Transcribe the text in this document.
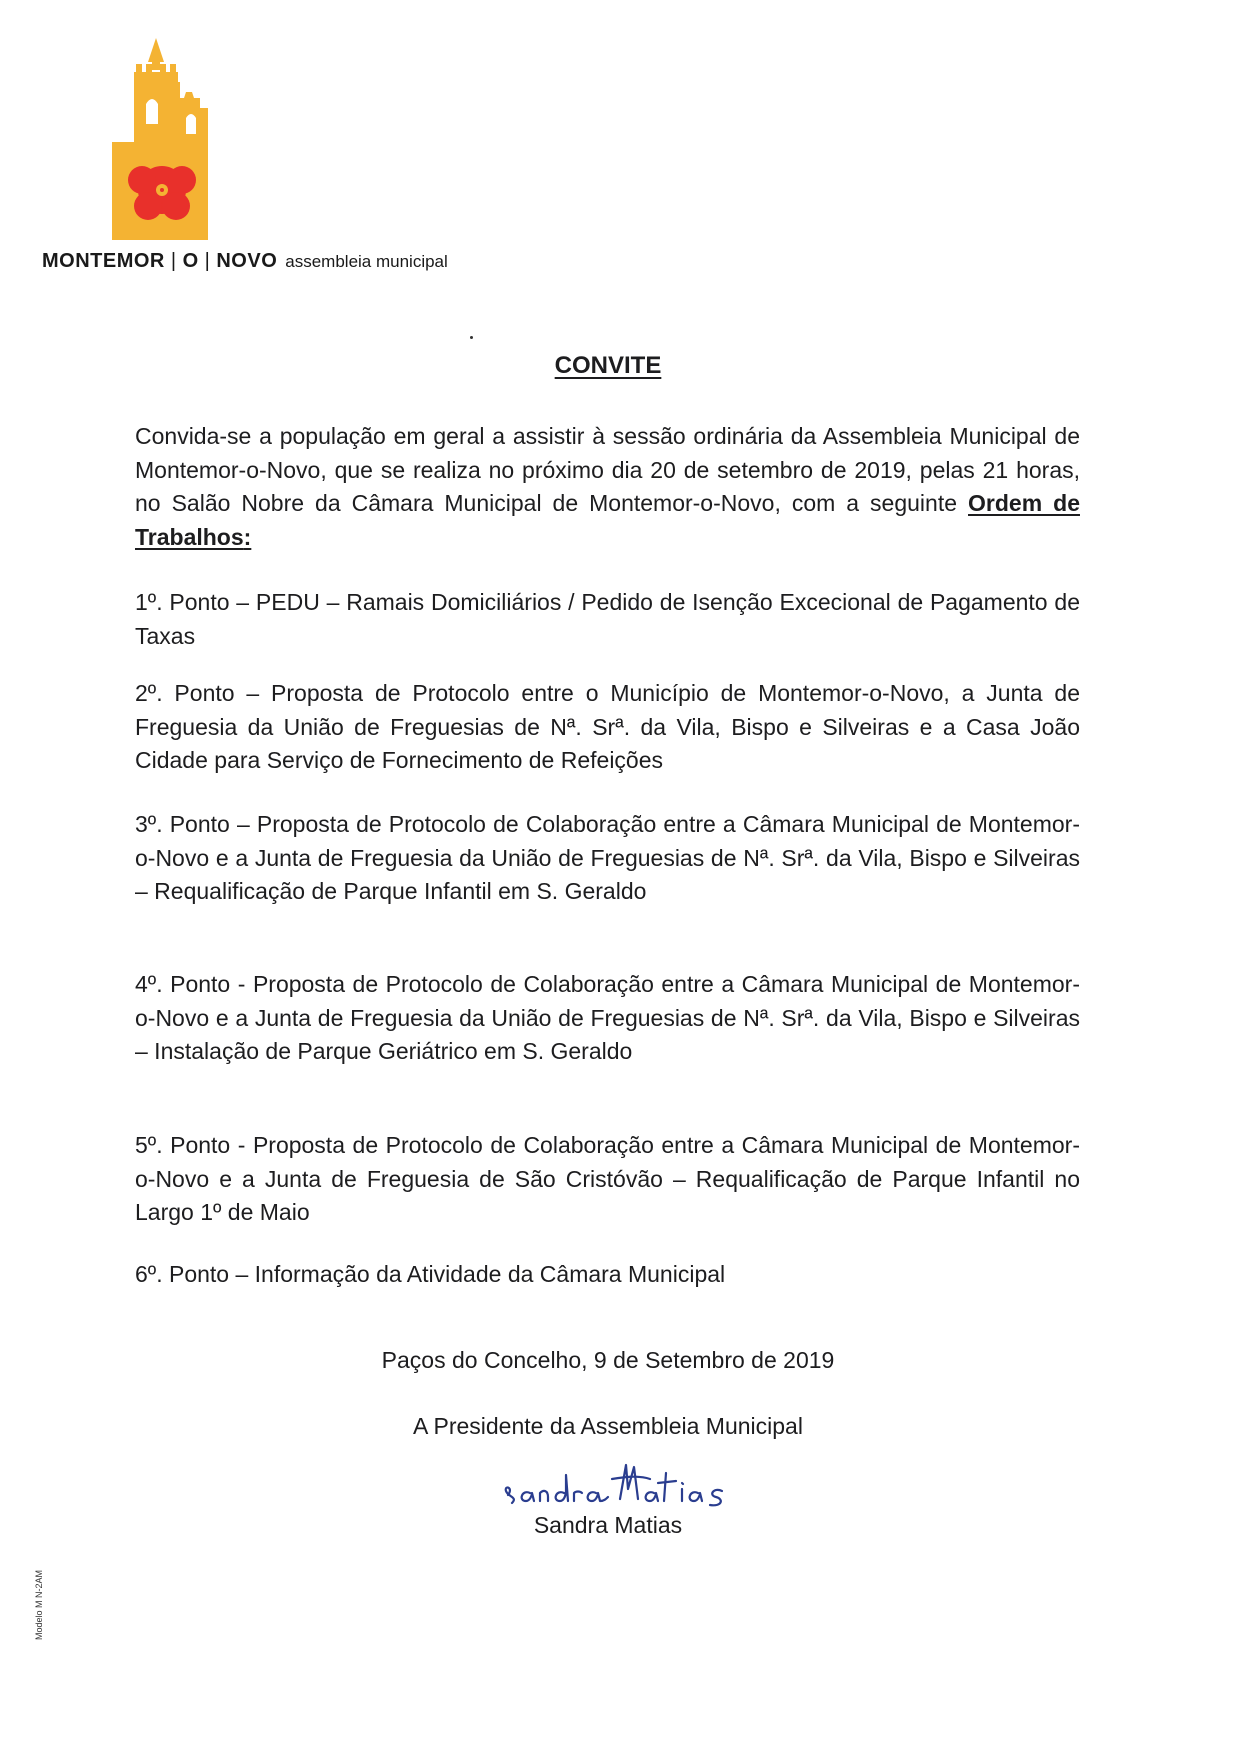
MONTEMOR | O | NOVO assembleia municipal
CONVITE

Convida-se a população em geral a assistir à sessão ordinária da Assembleia Municipal de Montemor-o-Novo, que se realiza no próximo dia 20 de setembro de 2019, pelas 21 horas, no Salão Nobre da Câmara Municipal de Montemor-o-Novo, com a seguinte Ordem de Trabalhos:

1º. Ponto – PEDU – Ramais Domiciliários / Pedido de Isenção Excecional de Pagamento de Taxas

2º. Ponto – Proposta de Protocolo entre o Município de Montemor-o-Novo, a Junta de Freguesia da União de Freguesias de Nª. Srª. da Vila, Bispo e Silveiras e a Casa João Cidade para Serviço de Fornecimento de Refeições

3º. Ponto – Proposta de Protocolo de Colaboração entre a Câmara Municipal de Montemor-o-Novo e a Junta de Freguesia da União de Freguesias de Nª. Srª. da Vila, Bispo e Silveiras – Requalificação de Parque Infantil em S. Geraldo

4º. Ponto - Proposta de Protocolo de Colaboração entre a Câmara Municipal de Montemor-o-Novo e a Junta de Freguesia da União de Freguesias de Nª. Srª. da Vila, Bispo e Silveiras – Instalação de Parque Geriátrico em S. Geraldo

5º. Ponto - Proposta de Protocolo de Colaboração entre a Câmara Municipal de Montemor-o-Novo e a Junta de Freguesia de São Cristóvão – Requalificação de Parque Infantil no Largo 1º de Maio

6º. Ponto – Informação da Atividade da Câmara Municipal

Paços do Concelho, 9 de Setembro de 2019
A Presidente da Assembleia Municipal
Sandra Matias
Modelo M N-2AM
